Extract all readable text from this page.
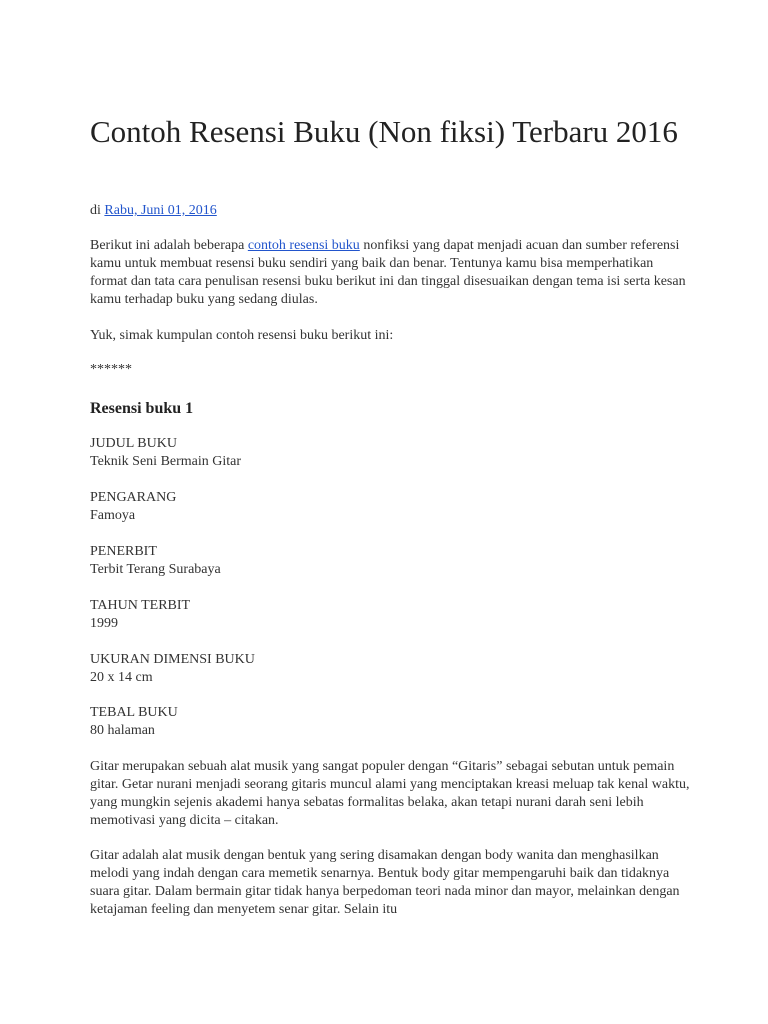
Contoh Resensi Buku (Non fiksi) Terbaru 2016

di Rabu, Juni 01, 2016

Berikut ini adalah beberapa contoh resensi buku nonfiksi yang dapat menjadi acuan dan sumber referensi kamu untuk membuat resensi buku sendiri yang baik dan benar. Tentunya kamu bisa memperhatikan format dan tata cara penulisan resensi buku berikut ini dan tinggal disesuaikan dengan tema isi serta kesan kamu terhadap buku yang sedang diulas.

Yuk, simak kumpulan contoh resensi buku berikut ini:

******

Resensi buku 1
JUDUL BUKU
Teknik Seni Bermain Gitar
PENGARANG
Famoya
PENERBIT
Terbit Terang Surabaya
TAHUN TERBIT
1999
UKURAN DIMENSI BUKU
20 x 14 cm
TEBAL BUKU
80 halaman

Gitar merupakan sebuah alat musik yang sangat populer dengan “Gitaris” sebagai sebutan untuk pemain gitar. Getar nurani menjadi seorang gitaris muncul alami yang menciptakan kreasi meluap tak kenal waktu, yang mungkin sejenis akademi hanya sebatas formalitas belaka, akan tetapi nurani darah seni lebih memotivasi yang dicita – citakan.

Gitar adalah alat musik dengan bentuk yang sering disamakan dengan body wanita dan menghasilkan melodi yang indah dengan cara memetik senarnya. Bentuk body gitar mempengaruhi baik dan tidaknya suara gitar. Dalam bermain gitar tidak hanya berpedoman teori nada minor dan mayor, melainkan dengan ketajaman feeling dan menyetem senar gitar. Selain itu
